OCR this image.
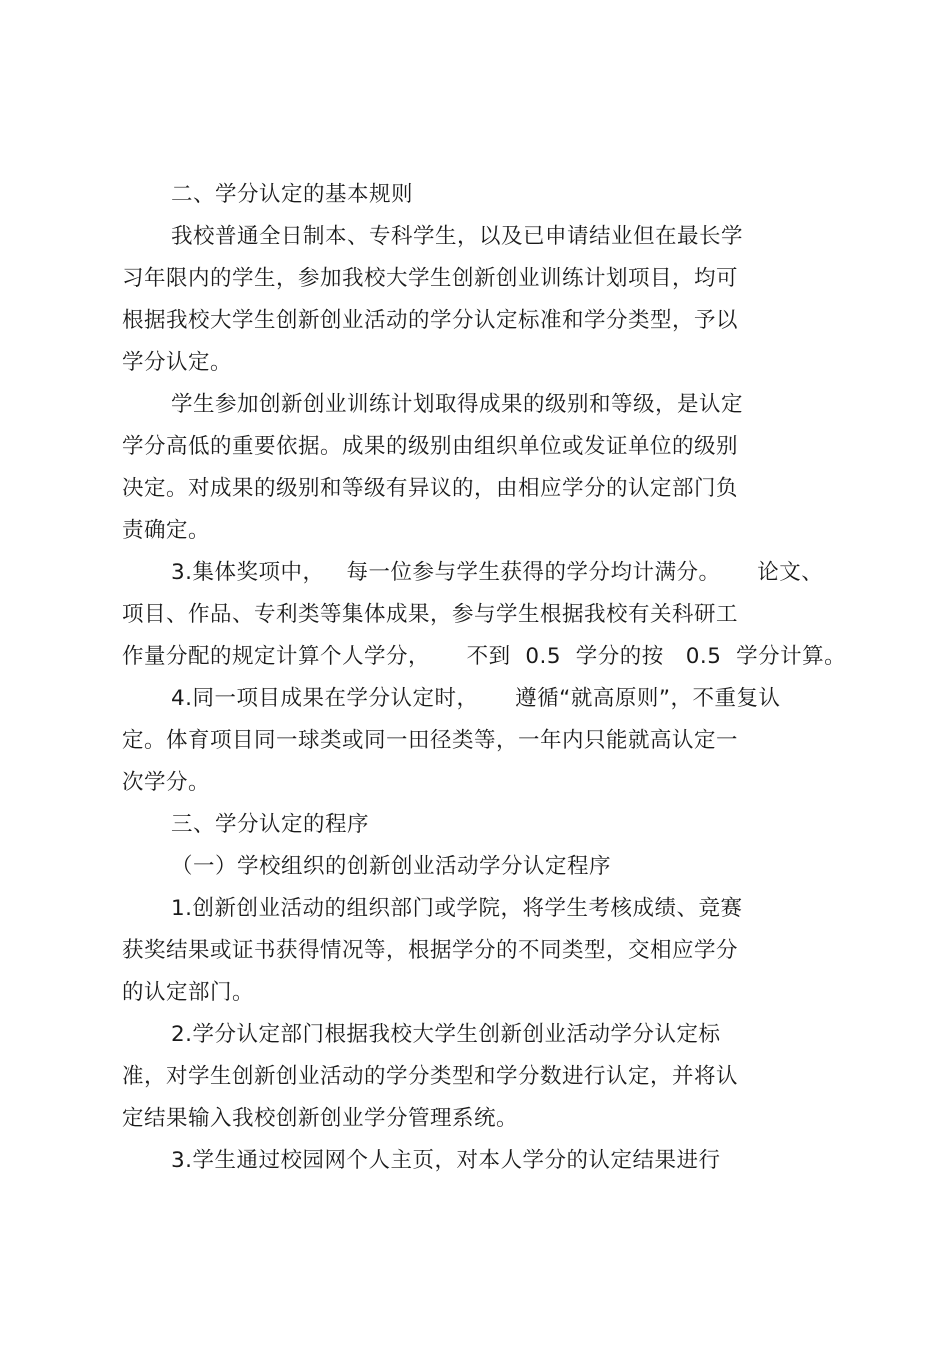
二、学分认定的基本规则
我校普通全日制本、专科学生，以及已申请结业但在最长学
习年限内的学生，参加我校大学生创新创业训练计划项目，均可
根据我校大学生创新创业活动的学分认定标准和学分类型，予以
学分认定。
学生参加创新创业训练计划取得成果的级别和等级，是认定
学分高低的重要依据。成果的级别由组织单位或发证单位的级别
决定。对成果的级别和等级有异议的，由相应学分的认定部门负
责确定。
3.集体奖项中，   每一位参与学生获得的学分均计满分。     论文、
项目、作品、专利类等集体成果，参与学生根据我校有关科研工
作量分配的规定计算个人学分，     不到  0.5  学分的按   0.5  学分计算。
4.同一项目成果在学分认定时，     遵循“就高原则”，不重复认
定。体育项目同一球类或同一田径类等，一年内只能就高认定一
次学分。
三、学分认定的程序
（一）学校组织的创新创业活动学分认定程序
1.创新创业活动的组织部门或学院，将学生考核成绩、竞赛
获奖结果或证书获得情况等，根据学分的不同类型，交相应学分
的认定部门。
2.学分认定部门根据我校大学生创新创业活动学分认定标
准，对学生创新创业活动的学分类型和学分数进行认定，并将认
定结果输入我校创新创业学分管理系统。
3.学生通过校园网个人主页，对本人学分的认定结果进行
